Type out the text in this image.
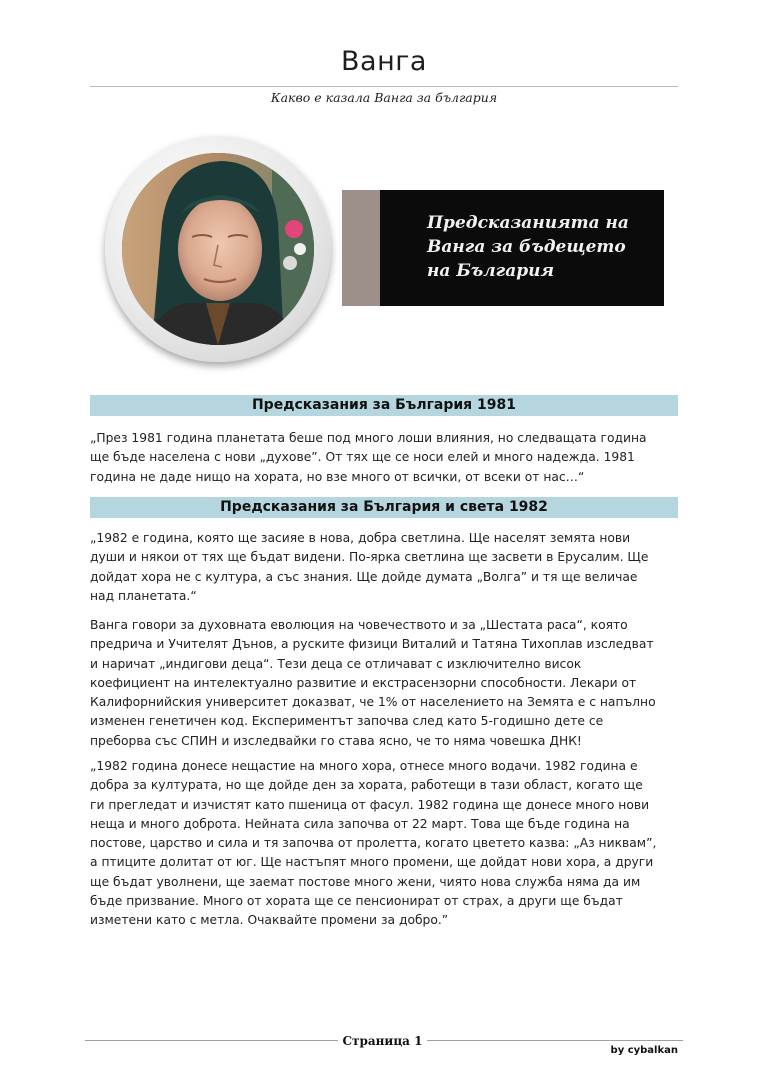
Ванга
Какво е казала Ванга за българия
Предсказанията на
Ванга за бъдещето
на България
Предсказания за България 1981
„През 1981 година планетата беше под много лоши влияния, но следващата година
ще бъде населена с нови „духове”. От тях ще се носи елей и много надежда. 1981
година не даде нищо на хората, но взе много от всички, от всеки от нас…“
Предсказания за България и света 1982
„1982 е година, която ще засияе в нова, добра светлина. Ще населят земята нови
души и някои от тях ще бъдат видени. По-ярка светлина ще засвети в Ерусалим. Ще
дойдат хора не с култура, а със знания. Ще дойде думата „Волга” и тя ще величае
над планетата.“
Ванга говори за духовната еволюция на човечеството и за „Шестата раса“, която
предрича и Учителят Дънов, а руските физици Виталий и Татяна Тихоплав изследват
и наричат „индигови деца“. Тези деца се отличават с изключително висок
коефициент на интелектуално развитие и екстрасензорни способности. Лекари от
Калифорнийския университет доказват, че 1% от населението на Земята е с напълно
изменен генетичен код. Експериментът започва след като 5-годишно дете се
преборва със СПИН и изследвайки го става ясно, че то няма човешка ДНК!
„1982 година донесе нещастие на много хора, отнесе много водачи. 1982 година е
добра за културата, но ще дойде ден за хората, работещи в тази област, когато ще
ги прегледат и изчистят като пшеница от фасул. 1982 година ще донесе много нови
неща и много доброта. Нейната сила започва от 22 март. Това ще бъде година на
постове, царство и сила и тя започва от пролетта, когато цветето казва: „Аз никвам”,
а птиците долитат от юг. Ще настъпят много промени, ще дойдат нови хора, а други
ще бъдат уволнени, ще заемат постове много жени, чиято нова служба няма да им
бъде призвание. Много от хората ще се пенсионират от страх, а други ще бъдат
изметени като с метла. Очаквайте промени за добро.”
Страница 1
by cybalkan
